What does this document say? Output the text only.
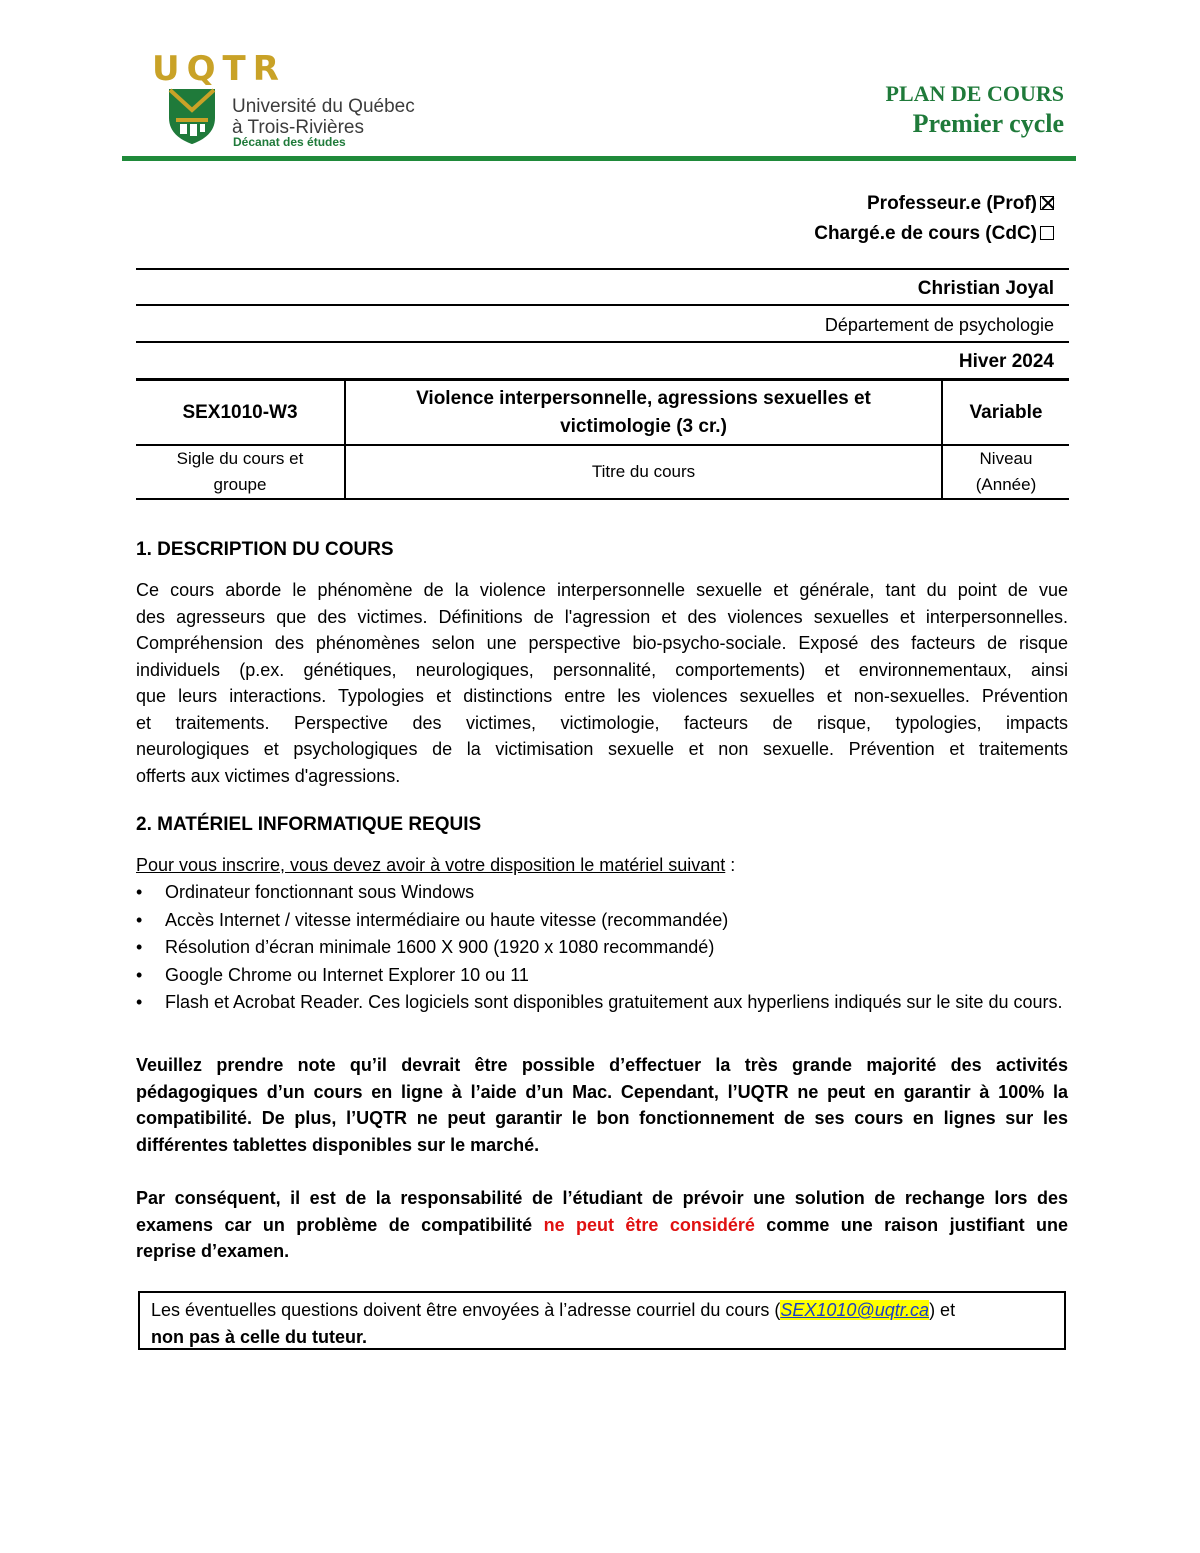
UQTR
Université du Québec
à Trois-Rivières
Décanat des études
PLAN DE COURS
Premier cycle
Professeur.e (Prof)
Chargé.e de cours (CdC)
Christian Joyal
Département de psychologie
Hiver 2024
SEX1010-W3
Violence interpersonnelle, agressions sexuelles et
victimologie (3 cr.)
Variable
Sigle du cours et
groupe
Titre du cours
Niveau
(Année)
1. DESCRIPTION DU COURS
Ce cours aborde le phénomène de la violence interpersonnelle sexuelle et générale, tant du point de vue
des agresseurs que des victimes. Définitions de l'agression et des violences sexuelles et interpersonnelles.
Compréhension des phénomènes selon une perspective bio-psycho-sociale. Exposé des facteurs de risque
individuels (p.ex. génétiques, neurologiques, personnalité, comportements) et environnementaux, ainsi
que leurs interactions. Typologies et distinctions entre les violences sexuelles et non-sexuelles. Prévention
et traitements. Perspective des victimes, victimologie, facteurs de risque, typologies, impacts
neurologiques et psychologiques de la victimisation sexuelle et non sexuelle. Prévention et traitements
offerts aux victimes d'agressions.
2. MATÉRIEL INFORMATIQUE REQUIS
Pour vous inscrire, vous devez avoir à votre disposition le matériel suivant :
• Ordinateur fonctionnant sous Windows
• Accès Internet / vitesse intermédiaire ou haute vitesse (recommandée)
• Résolution d’écran minimale 1600 X 900 (1920 x 1080 recommandé)
• Google Chrome ou Internet Explorer 10 ou 11
• Flash et Acrobat Reader. Ces logiciels sont disponibles gratuitement aux hyperliens indiqués sur le site du cours.
Veuillez prendre note qu’il devrait être possible d’effectuer la très grande majorité des activités
pédagogiques d’un cours en ligne à l’aide d’un Mac. Cependant, l’UQTR ne peut en garantir à 100% la
compatibilité. De plus, l’UQTR ne peut garantir le bon fonctionnement de ses cours en lignes sur les
différentes tablettes disponibles sur le marché.
Par conséquent, il est de la responsabilité de l’étudiant de prévoir une solution de rechange lors des
examens car un problème de compatibilité ne peut être considéré comme une raison justifiant une
reprise d’examen.
Les éventuelles questions doivent être envoyées à l’adresse courriel du cours (SEX1010@uqtr.ca) et
non pas à celle du tuteur.
